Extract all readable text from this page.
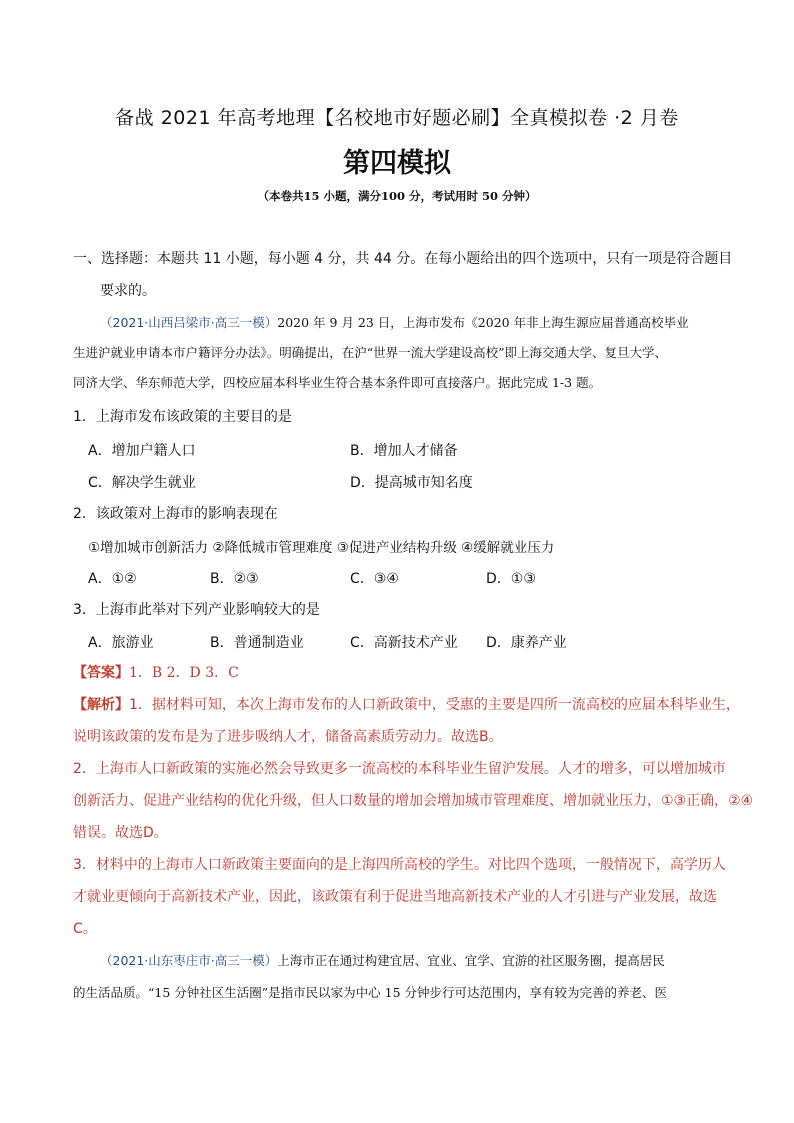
备战 2021 年高考地理【名校地市好题必刷】全真模拟卷 ·2 月卷
第四模拟
（本卷共15 小题，满分100 分，考试用时 50 分钟）
一、选择题：本题共 11 小题，每小题 4 分，共 44 分。在每小题给出的四个选项中，只有一项是符合题目
要求的。
（2021·山西吕梁市·高三一模）2020 年 9 月 23 日，上海市发布《2020 年非上海生源应届普通高校毕业
生进沪就业申请本市户籍评分办法》。明确提出，在沪“世界一流大学建设高校”即上海交通大学、复旦大学、
同济大学、华东师范大学，四校应届本科毕业生符合基本条件即可直接落户。据此完成 1-3 题。
1．上海市发布该政策的主要目的是
A．增加户籍人口	B．增加人才储备
C．解决学生就业	D．提高城市知名度
2．该政策对上海市的影响表现在
①增加城市创新活力 ②降低城市管理难度 ③促进产业结构升级 ④缓解就业压力
A．①②	B．②③	C．③④	D．①③
3．上海市此举对下列产业影响较大的是
A．旅游业	B．普通制造业	C．高新技术产业 D．康养产业
【答案】1．B 2．D 3．C
【解析】1．据材料可知，本次上海市发布的人口新政策中，受惠的主要是四所一流高校的应届本科毕业生，
说明该政策的发布是为了进步吸纳人才，储备高素质劳动力。故选B。
2．上海市人口新政策的实施必然会导致更多一流高校的本科毕业生留沪发展。人才的增多，可以增加城市
创新活力、促进产业结构的优化升级，但人口数量的增加会增加城市管理难度、增加就业压力，①③正确，②④
错误。故选D。
3．材料中的上海市人口新政策主要面向的是上海四所高校的学生。对比四个选项，一般情况下，高学历人
才就业更倾向于高新技术产业，因此，该政策有利于促进当地高新技术产业的人才引进与产业发展，故选
C。
（2021·山东枣庄市·高三一模）上海市正在通过构建宜居、宜业、宜学、宜游的社区服务圈，提高居民
的生活品质。“15 分钟社区生活圈”是指市民以家为中心 15 分钟步行可达范围内，享有较为完善的养老、医
